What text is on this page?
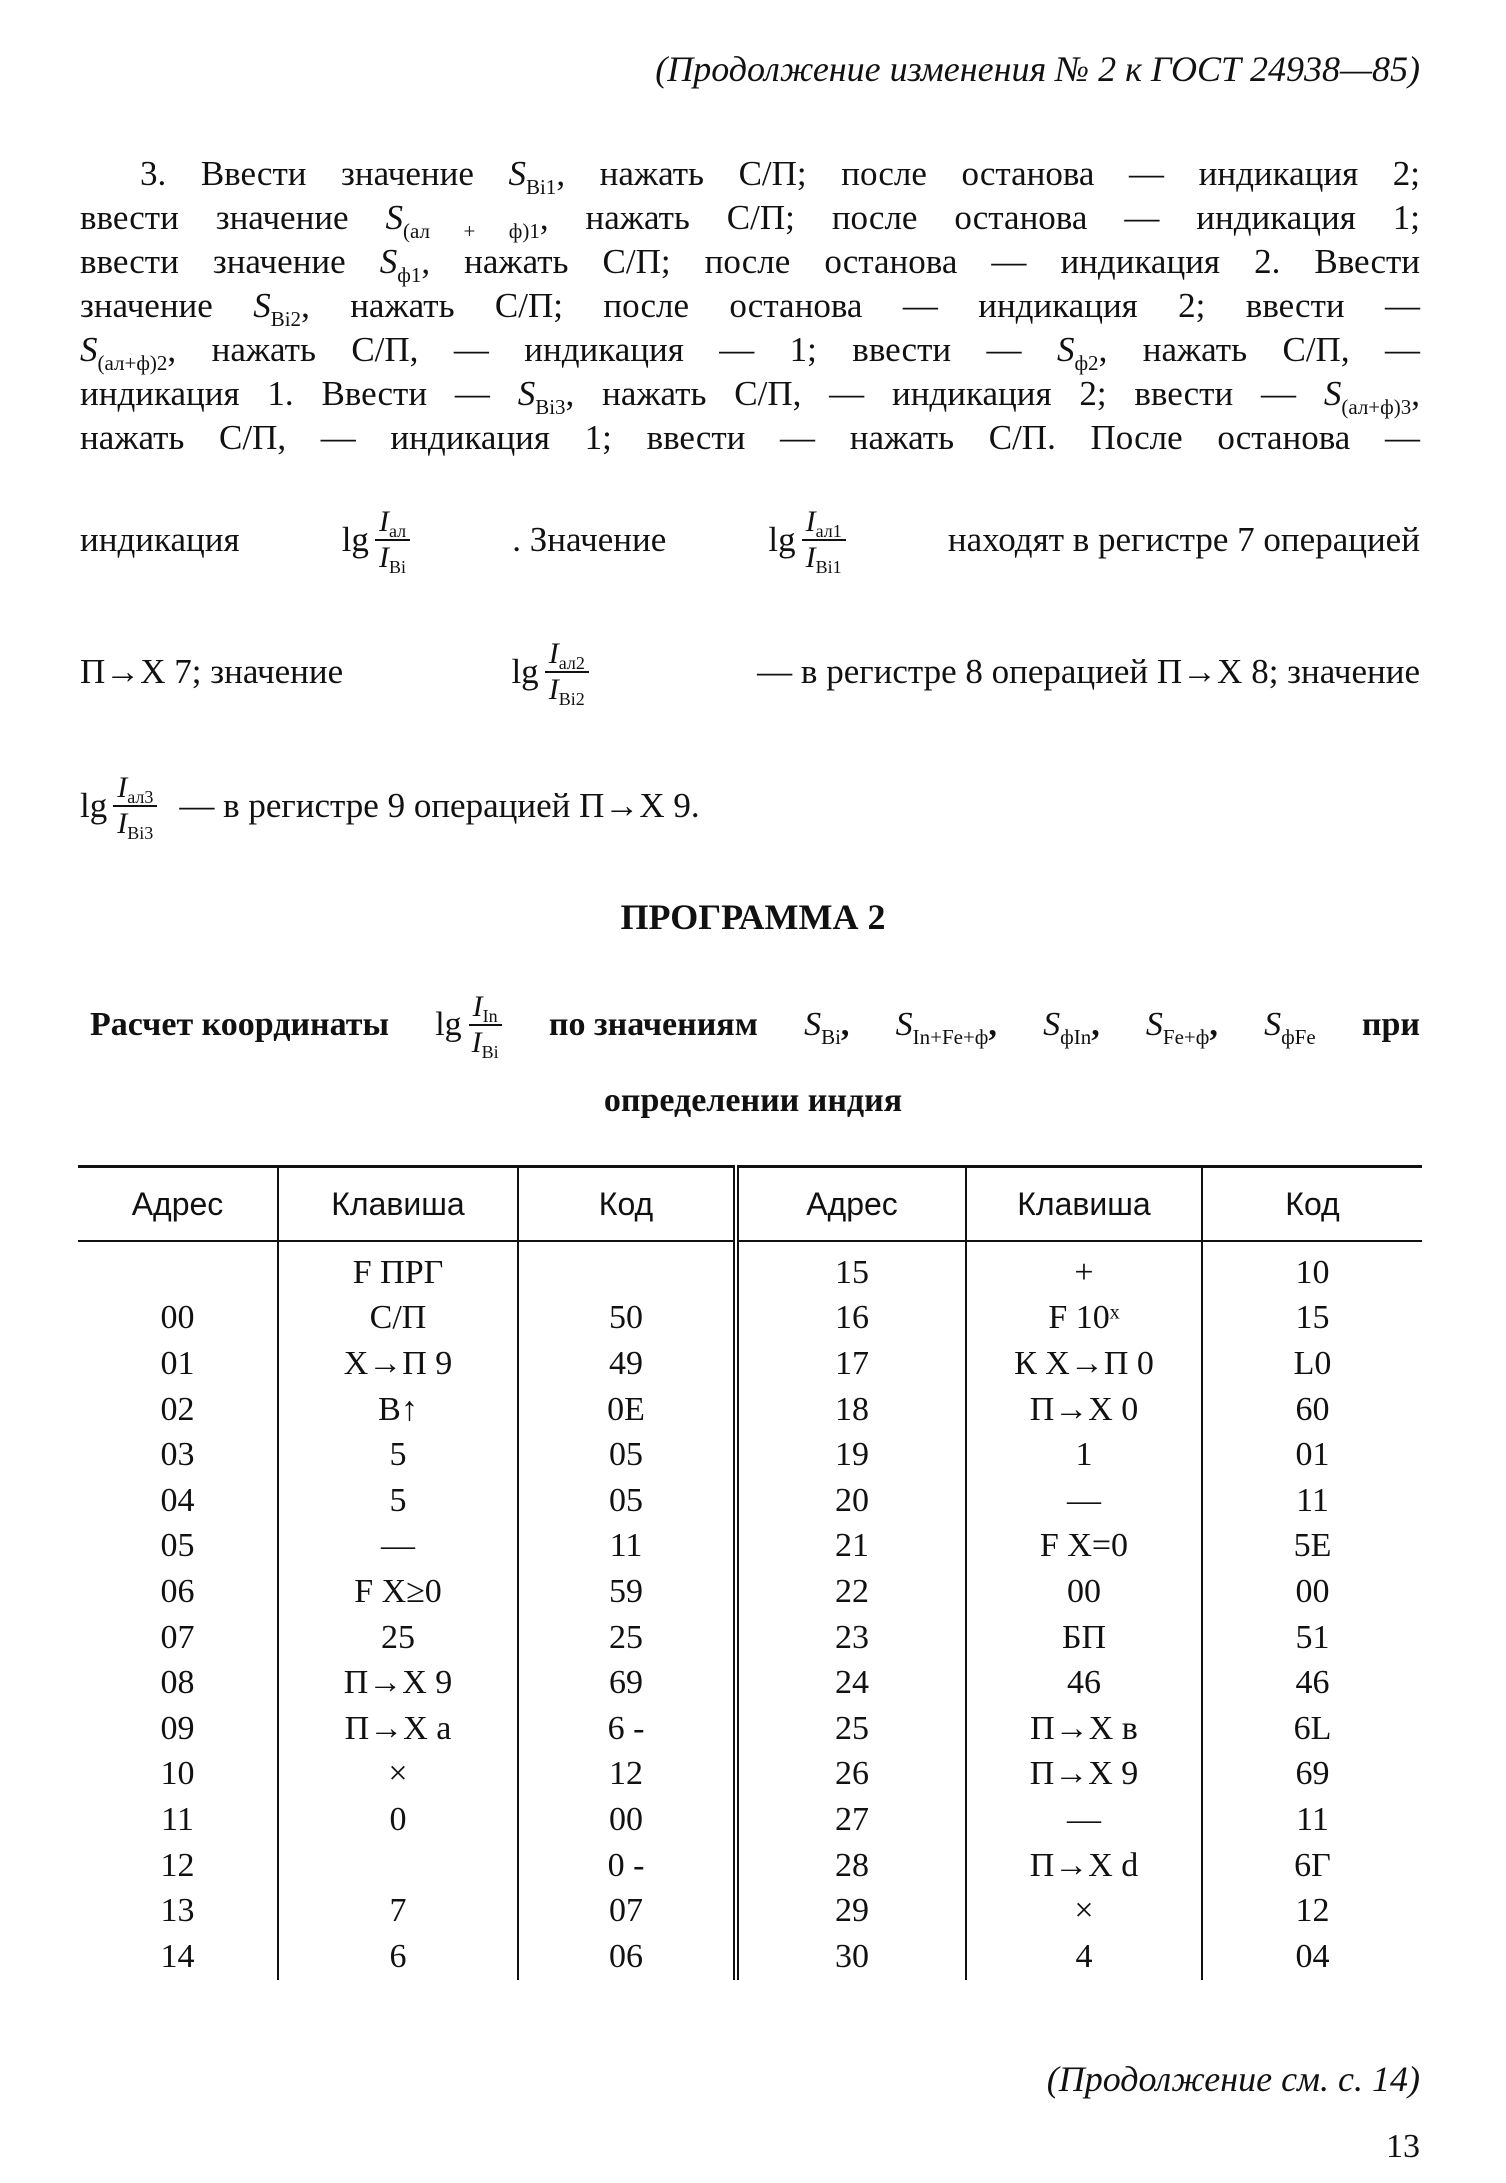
(Продолжение изменения № 2 к ГОСТ 24938—85)
3. Ввести значение $S_{Bi1}$, нажать С/П; после останова — индикация 2;
ввести значение $S_{(ал + ф)1}$, нажать С/П; после останова — индикация 1;
ввести значение $S_{ф1}$, нажать С/П; после останова — индикация 2. Ввести
значение $S_{Bi2}$, нажать С/П; после останова — индикация 2; ввести —
$S_{(ал+ф)2}$, нажать С/П, — индикация — 1; ввести — $S_{ф2}$, нажать С/П, —
индикация 1. Ввести — $S_{Bi3}$, нажать С/П, — индикация 2; ввести — $S_{(ал+ф)3}$,
нажать С/П, — индикация 1; ввести — нажать С/П. После останова —
индикация	$\lg \frac{I_{ал}}{I_{Bi}}$	. Значение	$\lg \frac{I_{ал1}}{I_{Bi1}}$	находят в регистре 7 операцией
П→Х 7; значение	$\lg \frac{I_{ал2}}{I_{Bi2}}$	— в регистре 8 операцией П→Х 8; значение
$\lg \frac{I_{ал3}}{I_{Bi3}}$ — в регистре 9 операцией П→Х 9.
ПРОГРАММА 2
Расчет координаты $\lg \frac{I_{In}}{I_{Bi}}$ по значениям $S_{Bi}$, $S_{In+Fe+ф}$, $S_{фIn}$, $S_{Fe+ф}$, $S_{фFe}$ при
определении индия
Адрес	Клавиша	Код	Адрес	Клавиша	Код
	F ПРГ		15	+	10
00	С/П	50	16	F 10ˣ	15
01	Х→П 9	49	17	К Х→П 0	L0
02	В↑	0Е	18	П→Х 0	60
03	5	05	19	1	01
04	5	05	20	—	11
05	—	11	21	F Х=0	5Е
06	F Х≥0	59	22	00	00
07	25	25	23	БП	51
08	П→Х 9	69	24	46	46
09	П→Х а	6 -	25	П→Х в	6L
10	×	12	26	П→Х 9	69
11	0	00	27	—	11
12		0 -	28	П→Х d	6Г
13	7	07	29	×	12
14	6	06	30	4	04
(Продолжение см. с. 14)
13
